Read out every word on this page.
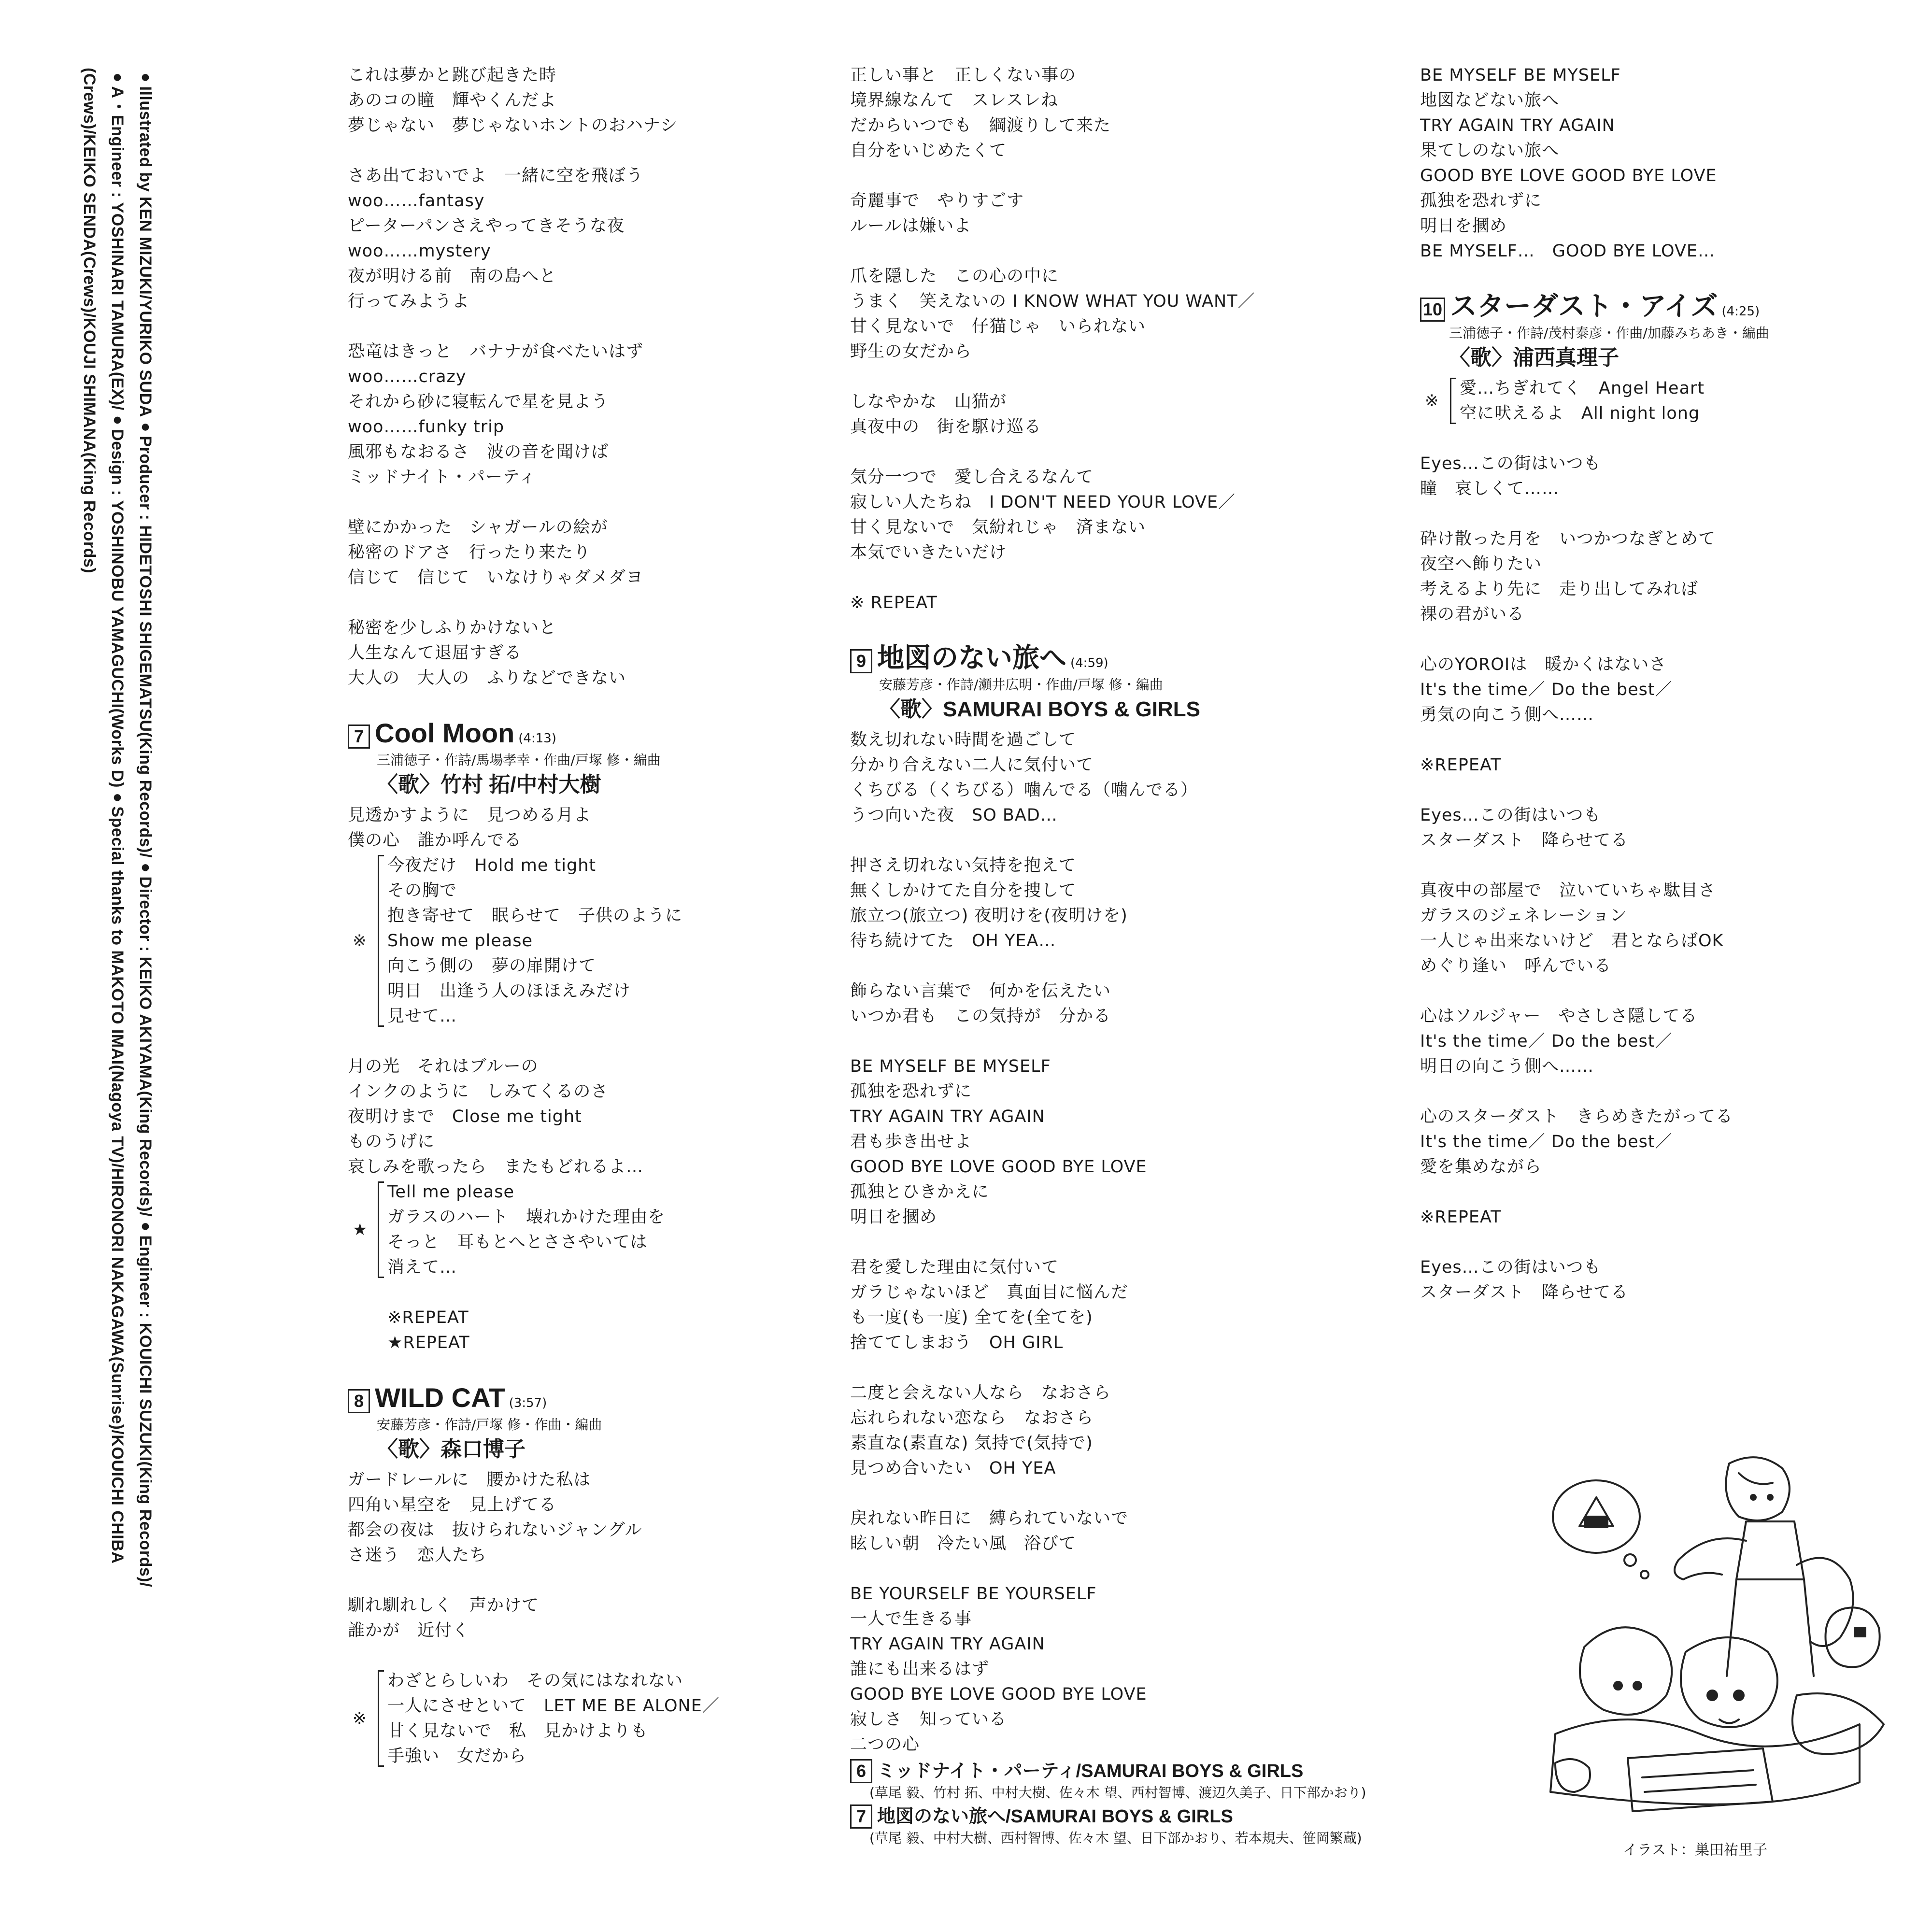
●Illustrated by KEN MIZUKI/YURIKO SUDA●Producer : HIDETOSHI SHIGEMATSU(King Records)/●Director : KEIKO AKIYAMA(King Records)/●Engineer : KOUICHI SUZUKI(King Records)/
●A・Engineer : YOSHINARI TAMURA(EX)/●Design : YOSHINOBU YAMAGUCHI(Works D)●Special thanks to MAKOTO IMAI(Nagoya TV)/HIRONORI NAKAGAWA(Sunrise)/KOUICHI CHIBA
(Crews)/KEIKO SENDA(Crews)/KOUJI SHIMANA(King Records)	これは夢かと跳び起きた時
あのコの瞳　輝やくんだよ
夢じゃない　夢じゃないホントのおハナシ
さあ出ておいでよ　一緒に空を飛ぼう
woo……fantasy
ピーターパンさえやってきそうな夜
woo……mystery
夜が明ける前　南の島へと
行ってみようよ
恐竜はきっと　バナナが食べたいはず
woo……crazy
それから砂に寝転んで星を見よう
woo……funky trip
風邪もなおるさ　波の音を聞けば
ミッドナイト・パーティ
壁にかかった　シャガールの絵が
秘密のドアさ　行ったり来たり
信じて　信じて　いなけりゃダメダヨ
秘密を少しふりかけないと
人生なんて退屈すぎる
大人の　大人の　ふりなどできない
7 Cool Moon (4:13)
三浦徳子・作詩/馬場孝幸・作曲/戸塚 修・編曲
〈歌〉竹村 拓/中村大樹
見透かすように　見つめる月よ
僕の心　誰か呼んでる
※
今夜だけ　Hold me tight
その胸で
抱き寄せて　眠らせて　子供のように
Show me please
向こう側の　夢の扉開けて
明日　出逢う人のほほえみだけ
見せて…
月の光　それはブルーの
インクのように　しみてくるのさ
夜明けまで　Close me tight
ものうげに
哀しみを歌ったら　またもどれるよ…
★
Tell me please
ガラスのハート　壊れかけた理由を
そっと　耳もとへとささやいては
消えて…
※REPEAT
★REPEAT
8 WILD CAT (3:57)
安藤芳彦・作詩/戸塚 修・作曲・編曲
〈歌〉森口博子
ガードレールに　腰かけた私は
四角い星空を　見上げてる
都会の夜は　抜けられないジャングル
さ迷う　恋人たち
馴れ馴れしく　声かけて
誰かが　近付く
※
わざとらしいわ　その気にはなれない
一人にさせといて　LET ME BE ALONE／
甘く見ないで　私　見かけよりも
手強い　女だから
正しい事と　正しくない事の
境界線なんて　スレスレね
だからいつでも　綱渡りして来た
自分をいじめたくて
奇麗事で　やりすごす
ルールは嫌いよ
爪を隠した　この心の中に
うまく　笑えないの I KNOW WHAT YOU WANT／
甘く見ないで　仔猫じゃ　いられない
野生の女だから
しなやかな　山猫が
真夜中の　街を駆け巡る
気分一つで　愛し合えるなんて
寂しい人たちね　I DON'T NEED YOUR LOVE／
甘く見ないで　気紛れじゃ　済まない
本気でいきたいだけ
※ REPEAT
9 地図のない旅へ (4:59)
安藤芳彦・作詩/瀬井広明・作曲/戸塚 修・編曲
〈歌〉SAMURAI BOYS & GIRLS
数え切れない時間を過ごして
分かり合えない二人に気付いて
くちびる（くちびる）噛んでる（噛んでる）
うつ向いた夜　SO BAD…
押さえ切れない気持を抱えて
無くしかけてた自分を捜して
旅立つ(旅立つ) 夜明けを(夜明けを)
待ち続けてた　OH YEA…
飾らない言葉で　何かを伝えたい
いつか君も　この気持が　分かる
BE MYSELF BE MYSELF
孤独を恐れずに
TRY AGAIN TRY AGAIN
君も歩き出せよ
GOOD BYE LOVE GOOD BYE LOVE
孤独とひきかえに
明日を摑め
君を愛した理由に気付いて
ガラじゃないほど　真面目に悩んだ
も一度(も一度) 全てを(全てを)
捨ててしまおう　OH GIRL
二度と会えない人なら　なおさら
忘れられない恋なら　なおさら
素直な(素直な) 気持で(気持で)
見つめ合いたい　OH YEA
戻れない昨日に　縛られていないで
眩しい朝　冷たい風　浴びて
BE YOURSELF BE YOURSELF
一人で生きる事
TRY AGAIN TRY AGAIN
誰にも出来るはず
GOOD BYE LOVE GOOD BYE LOVE
寂しさ　知っている
二つの心
6 ミッドナイト・パーティ/SAMURAI BOYS & GIRLS
(草尾 毅、竹村 拓、中村大樹、佐々木 望、西村智博、渡辺久美子、日下部かおり)
7 地図のない旅へ/SAMURAI BOYS & GIRLS
(草尾 毅、中村大樹、西村智博、佐々木 望、日下部かおり、若本規夫、笹岡繁蔵)
BE MYSELF BE MYSELF
地図などない旅へ
TRY AGAIN TRY AGAIN
果てしのない旅へ
GOOD BYE LOVE GOOD BYE LOVE
孤独を恐れずに
明日を摑め
BE MYSELF…　GOOD BYE LOVE…
10 スターダスト・アイズ (4:25)
三浦徳子・作詩/茂村泰彦・作曲/加藤みちあき・編曲
〈歌〉浦西真理子
※
愛…ちぎれてく　Angel Heart
空に吠えるよ　All night long
Eyes…この街はいつも
瞳　哀しくて……
砕け散った月を　いつかつなぎとめて
夜空へ飾りたい
考えるより先に　走り出してみれば
裸の君がいる
心のYOROIは　暖かくはないさ
It's the time／ Do the best／
勇気の向こう側へ……
※REPEAT
Eyes…この街はいつも
スターダスト　降らせてる
真夜中の部屋で　泣いていちゃ駄目さ
ガラスのジェネレーション
一人じゃ出来ないけど　君とならばOK
めぐり逢い　呼んでいる
心はソルジャー　やさしさ隠してる
It's the time／ Do the best／
明日の向こう側へ……
心のスターダスト　きらめきたがってる
It's the time／ Do the best／
愛を集めながら
※REPEAT
Eyes…この街はいつも
スターダスト　降らせてる
イラスト：巣田祐里子
